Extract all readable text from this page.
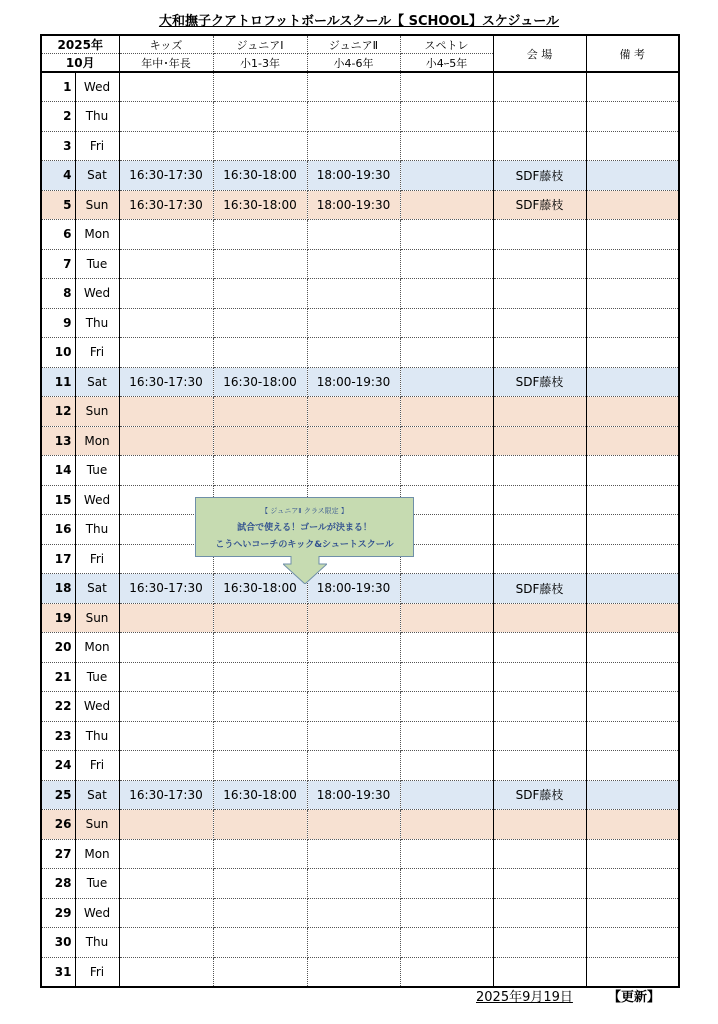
大和撫子クアトロフットボールスクール【 SCHOOL】スケジュール
2025年		キッズ	ジュニアⅠ	ジュニアⅡ	スペトレ	会 場	備 考
10月		年中･年長	小1-3年	小4-6年	小4ｰ5年		
1	Wed						
2	Thu						
3	Fri						
4	Sat	16:30-17:30	16:30-18:00	18:00-19:30		SDF藤枝	
5	Sun	16:30-17:30	16:30-18:00	18:00-19:30		SDF藤枝	
6	Mon						
7	Tue						
8	Wed						
9	Thu						
10	Fri						
11	Sat	16:30-17:30	16:30-18:00	18:00-19:30		SDF藤枝	
12	Sun						
13	Mon						
14	Tue						
15	Wed						
16	Thu						
17	Fri						
18	Sat	16:30-17:30	16:30-18:00	18:00-19:30		SDF藤枝	
19	Sun						
20	Mon						
21	Tue						
22	Wed						
23	Thu						
24	Fri						
25	Sat	16:30-17:30	16:30-18:00	18:00-19:30		SDF藤枝	
26	Sun						
27	Mon						
28	Tue						
29	Wed						
30	Thu						
31	Fri						
【 ジュニアⅡ クラス限定 】
試合で使える！ゴールが決まる！
こうへいコーチのキック&シュートスクール
2025年9月19日	【更新】
